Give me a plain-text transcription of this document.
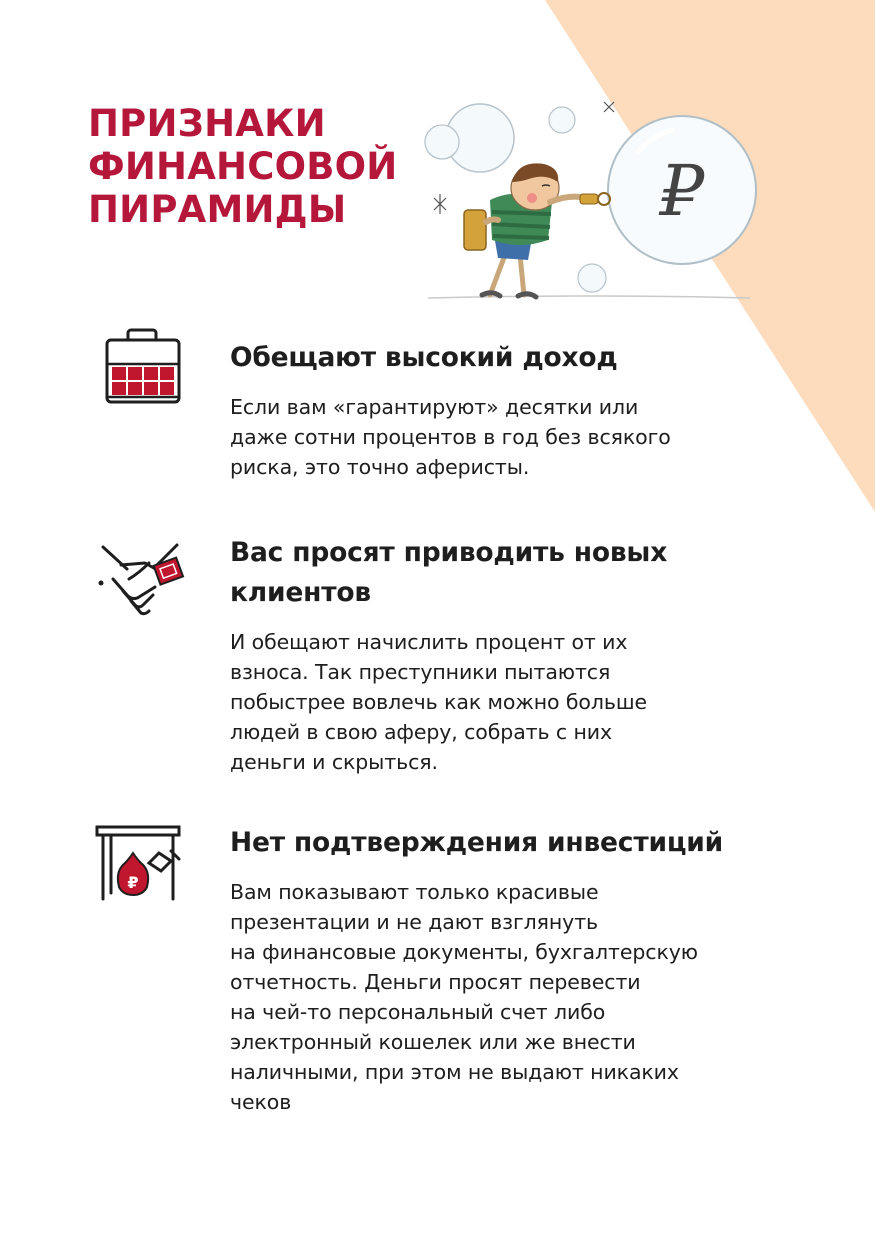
ПРИЗНАКИ
ФИНАНСОВОЙ
ПИРАМИДЫ	₽
Обещают высокий доход

Если вам «гарантируют» десятки или
даже сотни процентов в год без всякого
риска, это точно аферисты.

Вас просят приводить новых
клиентов

И обещают начислить процент от их
взноса. Так преступники пытаются
побыстрее вовлечь как можно больше
людей в свою аферу, собрать с них
деньги и скрыться.

₽
Нет подтверждения инвестиций

Вам показывают только красивые
презентации и не дают взглянуть
на финансовые документы, бухгалтерскую
отчетность. Деньги просят перевести
на чей-то персональный счет либо
электронный кошелек или же внести
наличными, при этом не выдают никаких
чеков
